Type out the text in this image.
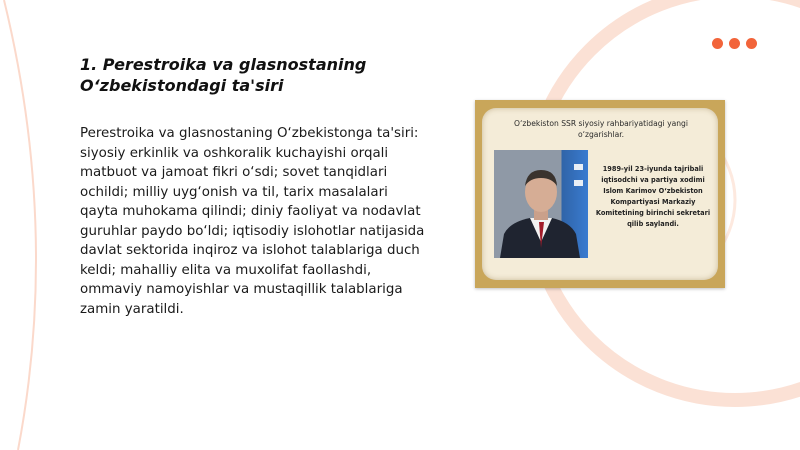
1. Perestroika va glasnostaning O‘zbekistondagi ta'siri

Perestroika va glasnostaning O‘zbekistonga ta'siri: siyosiy erkinlik va oshkoralik kuchayishi orqali matbuot va jamoat fikri o‘sdi; sovet tanqidlari ochildi; milliy uyg‘onish va til, tarix masalalari qayta muhokama qilindi; diniy faoliyat va nodavlat guruhlar paydo bo‘ldi; iqtisodiy islohotlar natijasida davlat sektorida inqiroz va islohot talablariga duch keldi; mahalliy elita va muxolifat faollashdi, ommaviy namoyishlar va mustaqillik talablariga zamin yaratildi.

O‘zbekiston SSR siyosiy rahbariyatidagi yangi o‘zgarishlar.

1989-yil 23-iyunda tajribali iqtisodchi va partiya xodimi Islom Karimov O‘zbekiston Kompartiyasi Markaziy Komitetining birinchi sekretari qilib saylandi.
